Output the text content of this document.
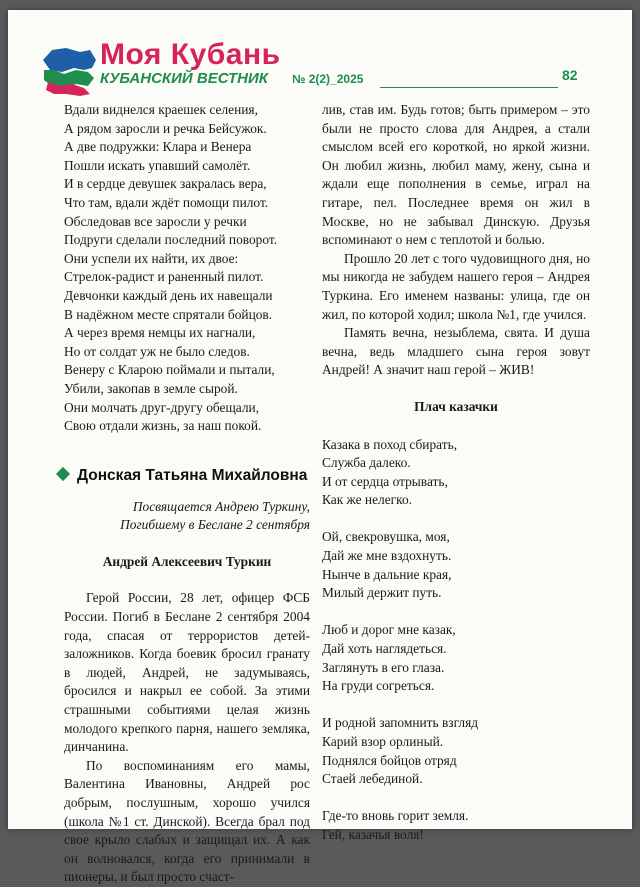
Моя Кубань
КУБАНСКИЙ ВЕСТНИК № 2(2)_2025	82
Вдали виднелся краешек селения,
А рядом заросли и речка Бейсужок.
А две подружки: Клара и Венера
Пошли искать упавший самолёт.
И в сердце девушек закралась вера,
Что там, вдали ждёт помощи пилот.
Обследовав все заросли у речки
Подруги сделали последний поворот.
Они успели их найти, их двое:
Стрелок-радист и раненный пилот.
Девчонки каждый день их навещали
В надёжном месте спрятали бойцов.
А через время немцы их нагнали,
Но от солдат уж не было следов.
Венеру с Кларою поймали и пытали,
Убили, закопав в земле сырой.
Они молчать друг-другу обещали,
Свою отдали жизнь, за наш покой.
Донская Татьяна Михайловна
Посвящается Андрею Туркину,
Погибшему в Беслане 2 сентября
Андрей Алексеевич Туркин

Герой России, 28 лет, офицер ФСБ России. Погиб в Беслане 2 сентября 2004 года, спасая от террористов детей-заложников. Когда боевик бросил гранату в людей, Андрей, не задумываясь, бросился и накрыл ее собой. За этими страшными событиями целая жизнь молодого крепкого парня, нашего земляка, динчанина.

По воспоминаниям его мамы, Валентина Ивановны, Андрей рос добрым, послушным, хорошо учился (школа №1 ст. Динской). Всегда брал под свое крыло слабых и защищал их. А как он волновался, когда его принимали в пионеры, и был просто счаст-

лив, став им. Будь готов; быть примером – это были не просто слова для Андрея, а стали смыслом всей его короткой, но яркой жизни. Он любил жизнь, любил маму, жену, сына и ждали еще пополнения в семье, играл на гитаре, пел. Последнее время он жил в Москве, но не забывал Динскую. Друзья вспоминают о нем с теплотой и болью.

Прошло 20 лет с того чудовищного дня, но мы никогда не забудем нашего героя – Андрея Туркина. Его именем названы: улица, где он жил, по которой ходил; школа №1, где учился.

Память вечна, незыблема, свята. И душа вечна, ведь младшего сына героя зовут Андрей! А значит наш герой – ЖИВ!

Плач казачки
Казака в поход сбирать,
Служба далеко.
И от сердца отрывать,
Как же нелегко.
Ой, свекровушка, моя,
Дай же мне вздохнуть.
Нынче в дальние края,
Милый держит путь.
Люб и дорог мне казак,
Дай хоть наглядеться.
Заглянуть в его глаза.
На груди согреться.
И родной запомнить взгляд
Карий взор орлиный.
Поднялся бойцов отряд
Стаей лебединой.
Где-то вновь горит земля.
Гей, казачья воля!
